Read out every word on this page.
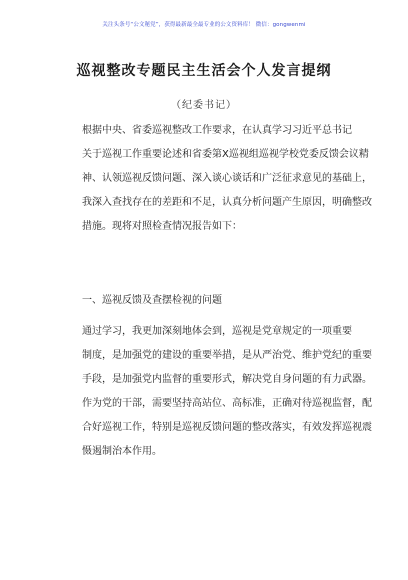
关注头条号“公文秘党”，获得最新最全最专业的公文资料库！ 微信：gongwenmi
巡视整改专题民主生活会个人发言提纲
（纪委书记）
根据中央、省委巡视整改工作要求，在认真学习习近平总书记
关于巡视工作重要论述和省委第X巡视组巡视学校党委反馈会议精
神、认领巡视反馈问题、深入谈心谈话和广泛征求意见的基础上，
我深入查找存在的差距和不足，认真分析问题产生原因，明确整改
措施。现将对照检查情况报告如下：
一、巡视反馈及查摆检视的问题
通过学习，我更加深刻地体会到，巡视是党章规定的一项重要
制度，是加强党的建设的重要举措，是从严治党、维护党纪的重要
手段，是加强党内监督的重要形式，解决党自身问题的有力武器。
作为党的干部，需要坚持高站位、高标准，正确对待巡视监督，配
合好巡视工作，特别是巡视反馈问题的整改落实，有效发挥巡视震
慑遏制治本作用。
